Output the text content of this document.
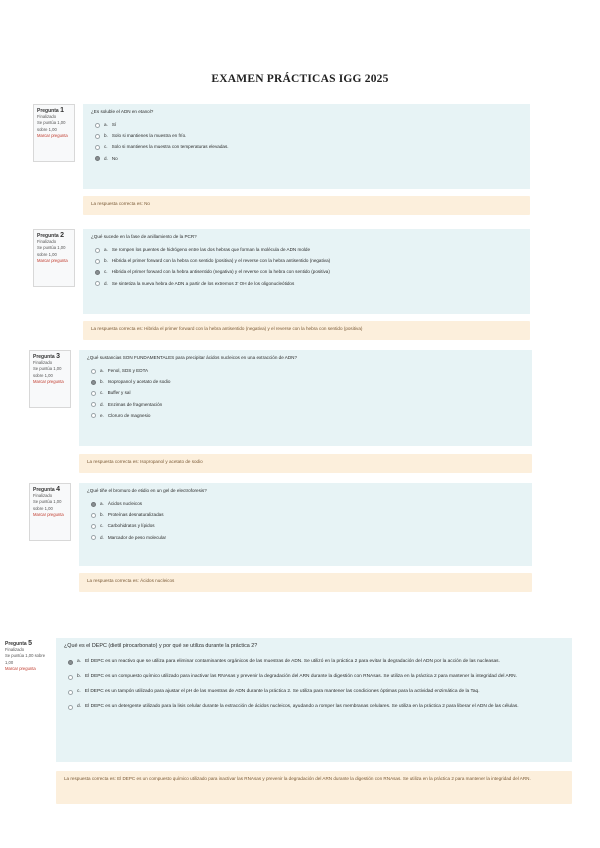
EXAMEN PRÁCTICAS IGG 2025
Pregunta 1
Finalizado
Se puntúa 1,00 sobre 1,00
Marcar pregunta
¿Es soluble el ADN en etanol?
a. Sí
b. Solo si mantienes la muestra en frío.
c. Solo si mantienes la muestra con temperaturas elevadas.
d. No
La respuesta correcta es: No
Pregunta 2
Finalizado
Se puntúa 1,00 sobre 1,00
Marcar pregunta
¿Qué sucede en la fase de anillamiento de la PCR?
a. Se rompen los puentes de hidrógeno entre las dos hebras que forman la molécula de ADN molde
b. Hibrida el primer forward con la hebra con sentido (positiva) y el reverse con la hebra antisentido (negativa)
c. Hibrida el primer forward con la hebra antisentido (negativa) y el reverse con la hebra con sentido (positiva)
d. Se sintetiza la nueva hebra de ADN a partir de los extremos 3' OH de los oligonucleótidos
La respuesta correcta es: Hibrida el primer forward con la hebra antisentido (negativa) y el reverse con la hebra con sentido (positiva)
Pregunta 3
Finalizado
Se puntúa 1,00 sobre 1,00
Marcar pregunta
¿Qué sustancias SON FUNDAMENTALES para precipitar ácidos nucleicos en una extracción de ADN?
a. Fenol, SDS y EDTA
b. Isopropanol y acetato de sodio
c. Buffer y sal
d. Enzimas de fragmentación
e. Cloruro de magnesio
La respuesta correcta es: Isopropanol y acetato de sodio
Pregunta 4
Finalizado
Se puntúa 1,00 sobre 1,00
Marcar pregunta
¿Qué tiñe el bromuro de etidio en un gel de electroforesis?
a. Ácidos nucleicos
b. Proteínas desnaturalizadas
c. Carbohidratos y lípidos
d. Marcador de peso molecular
La respuesta correcta es: Ácidos nucleicos
Pregunta 5
Finalizado
Se puntúa 1,00 sobre 1,00
Marcar pregunta
¿Qué es el DEPC (dietil pirocarbonato) y por qué se utiliza durante la práctica 2?
a. El DEPC es un reactivo que se utiliza para eliminar contaminantes orgánicos de las muestras de ADN. Se utilizó en la práctica 2 para evitar la degradación del ADN por la acción de las nucleasas.
b. El DEPC es un compuesto químico utilizado para inactivar las RNAsas y prevenir la degradación del ARN durante la digestión con RNAsas. Se utiliza en la práctica 2 para mantener la integridad del ARN.
c. El DEPC es un tampón utilizado para ajustar el pH de las muestras de ADN durante la práctica 2. Se utiliza para mantener las condiciones óptimas para la actividad enzimática de la Taq.
d. El DEPC es un detergente utilizado para la lisis celular durante la extracción de ácidos nucleicos, ayudando a romper las membranas celulares. Se utiliza en la práctica 2 para liberar el ADN de las células.
La respuesta correcta es: El DEPC es un compuesto químico utilizado para inactivar las RNAsas y prevenir la degradación del ARN durante la digestión con RNAsas. Se utiliza en la práctica 2 para mantener la integridad del ARN.
